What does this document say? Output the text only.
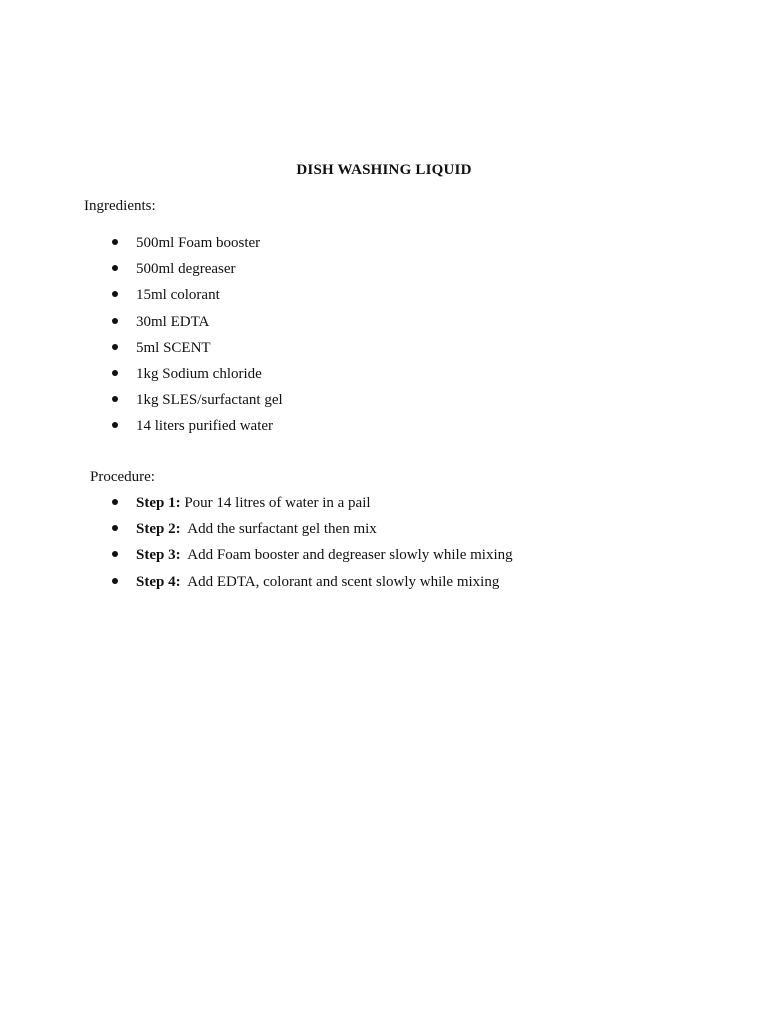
DISH WASHING LIQUID
Ingredients:
500ml Foam booster
500ml degreaser
15ml colorant
30ml EDTA
5ml SCENT
1kg Sodium chloride
1kg SLES/surfactant gel
14 liters purified water
Procedure:
Step 1: Pour 14 litres of water in a pail
Step 2:  Add the surfactant gel then mix
Step 3:  Add Foam booster and degreaser slowly while mixing
Step 4:  Add EDTA, colorant and scent slowly while mixing
